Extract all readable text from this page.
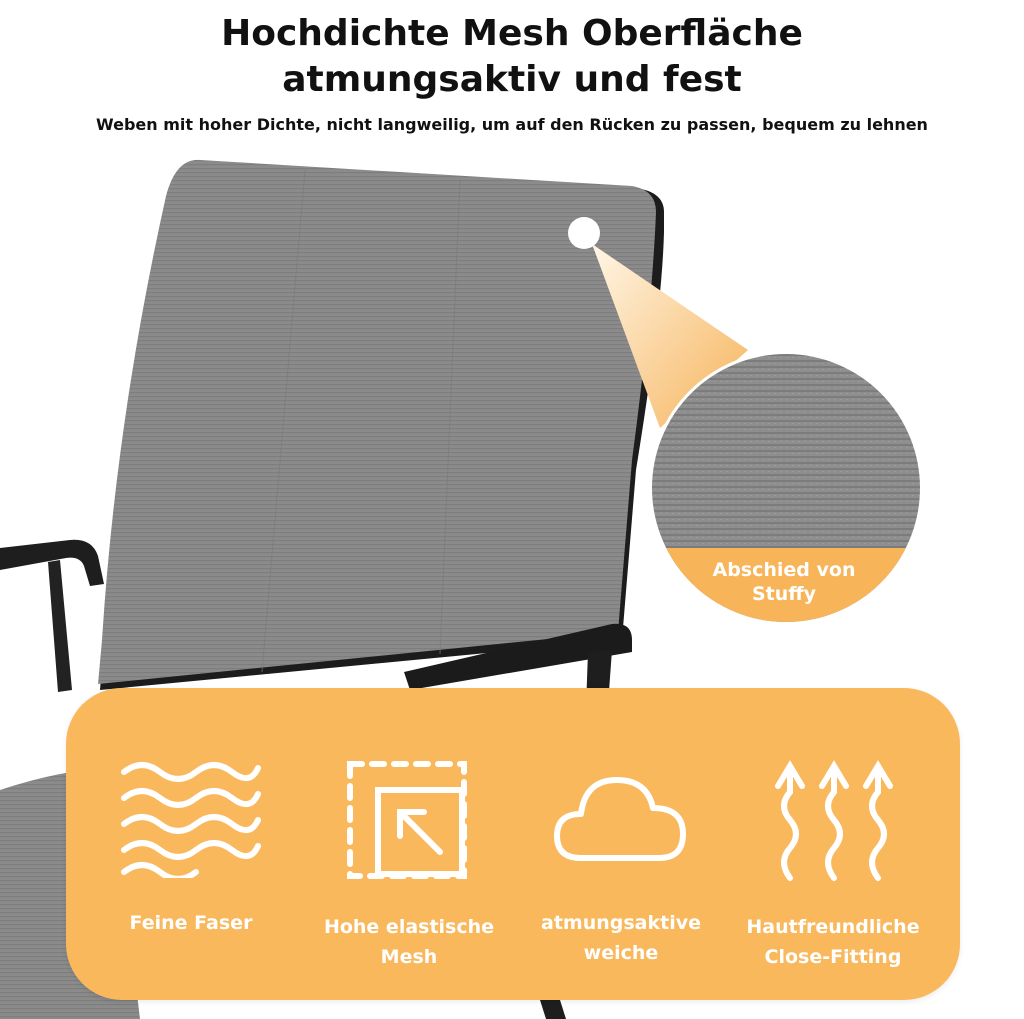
Hochdichte Mesh Oberfläche
atmungsaktiv und fest
Weben mit hoher Dichte, nicht langweilig, um auf den Rücken zu passen, bequem zu lehnen
Abschied von
Stuffy
Feine Faser	Hohe elastische
Mesh
atmungsaktive
weiche
Hautfreundliche
Close-Fitting
